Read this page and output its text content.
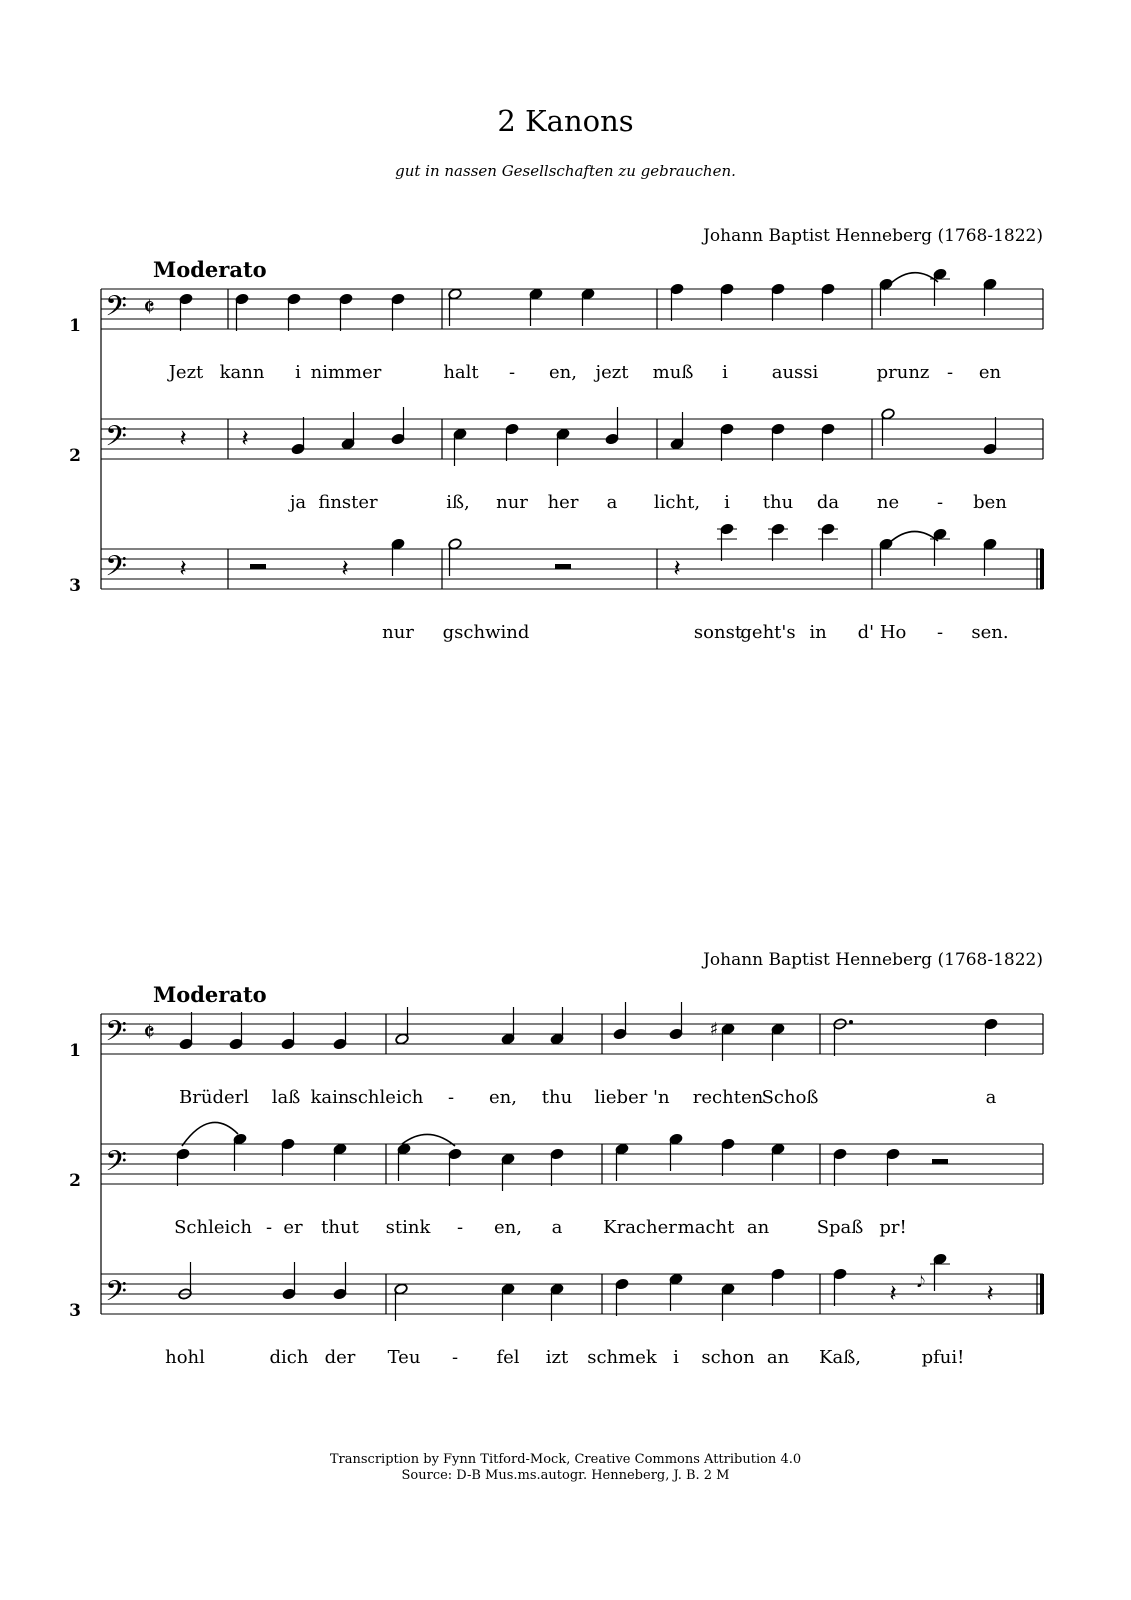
2 Kanons
gut in nassen Gesellschaften zu gebrauchen.
Johann Baptist Henneberg (1768-1822)
Moderato
1
2
3
Johann Baptist Henneberg (1768-1822)
Moderato
1
2
3
𝄢 𝄵
𝄢 𝄽 𝄽
𝄢 𝄽	𝄽	𝄽
𝄢 𝄵	♯
𝄢
𝄢	𝄽	𝄽
𝅘𝅥𝅮
Jezt kann i nimmer	halt - en, jezt muß i aussi	prunz - en
ja finster	iß, nur her a licht, i thu da ne - ben
nur gschwind	sonst
geht's in d' Ho - sen.
Brüderl laß kain schleich - en, thu lieber 'n rechten
Schoß	a
Schleich - er thut stink - en, a Kracher macht an	Spaß pr!
hohl	dich der Teu - fel izt schmek i schon an Kaß,	pfui!
Transcription by Fynn Titford-Mock, Creative Commons Attribution 4.0
Source: D-B Mus.ms.autogr. Henneberg, J. B. 2 M
